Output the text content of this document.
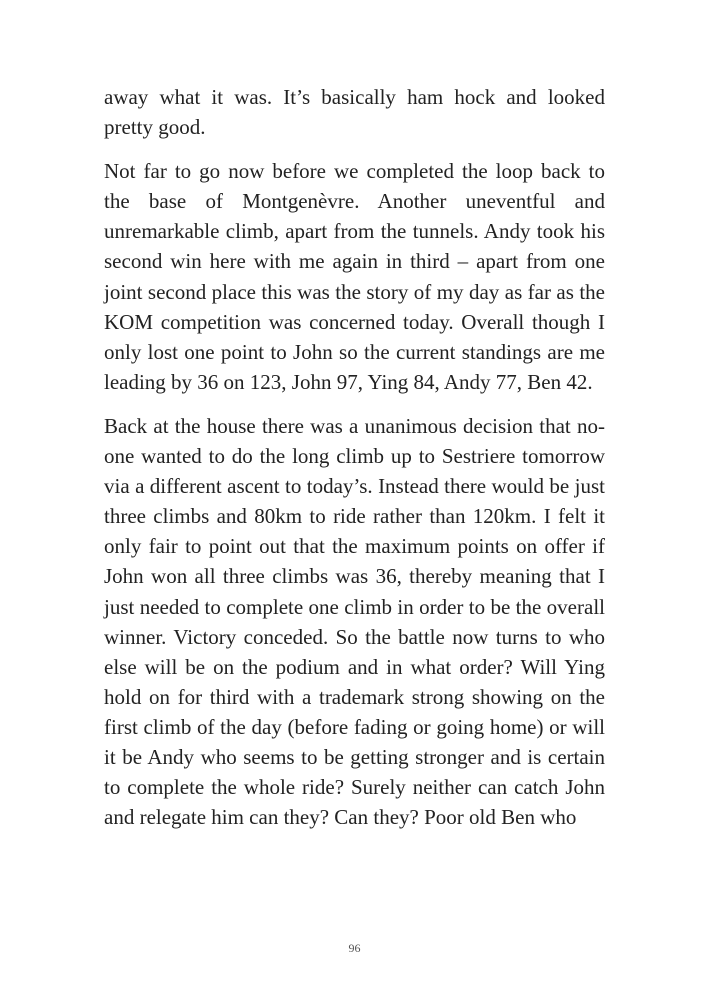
away what it was. It’s basically ham hock and looked pretty good.

Not far to go now before we completed the loop back to the base of Montgenèvre. Another uneventful and unremarkable climb, apart from the tunnels. Andy took his second win here with me again in third – apart from one joint second place this was the story of my day as far as the KOM competition was concerned today. Overall though I only lost one point to John so the current standings are me leading by 36 on 123, John 97, Ying 84, Andy 77, Ben 42.

Back at the house there was a unanimous decision that no-one wanted to do the long climb up to Sestriere tomorrow via a different ascent to today’s. Instead there would be just three climbs and 80km to ride rather than 120km. I felt it only fair to point out that the maximum points on offer if John won all three climbs was 36, thereby meaning that I just needed to complete one climb in order to be the overall winner. Victory conceded. So the battle now turns to who else will be on the podium and in what order? Will Ying hold on for third with a trademark strong showing on the first climb of the day (before fading or going home) or will it be Andy who seems to be getting stronger and is certain to complete the whole ride? Surely neither can catch John and relegate him can they? Can they? Poor old Ben who

96
